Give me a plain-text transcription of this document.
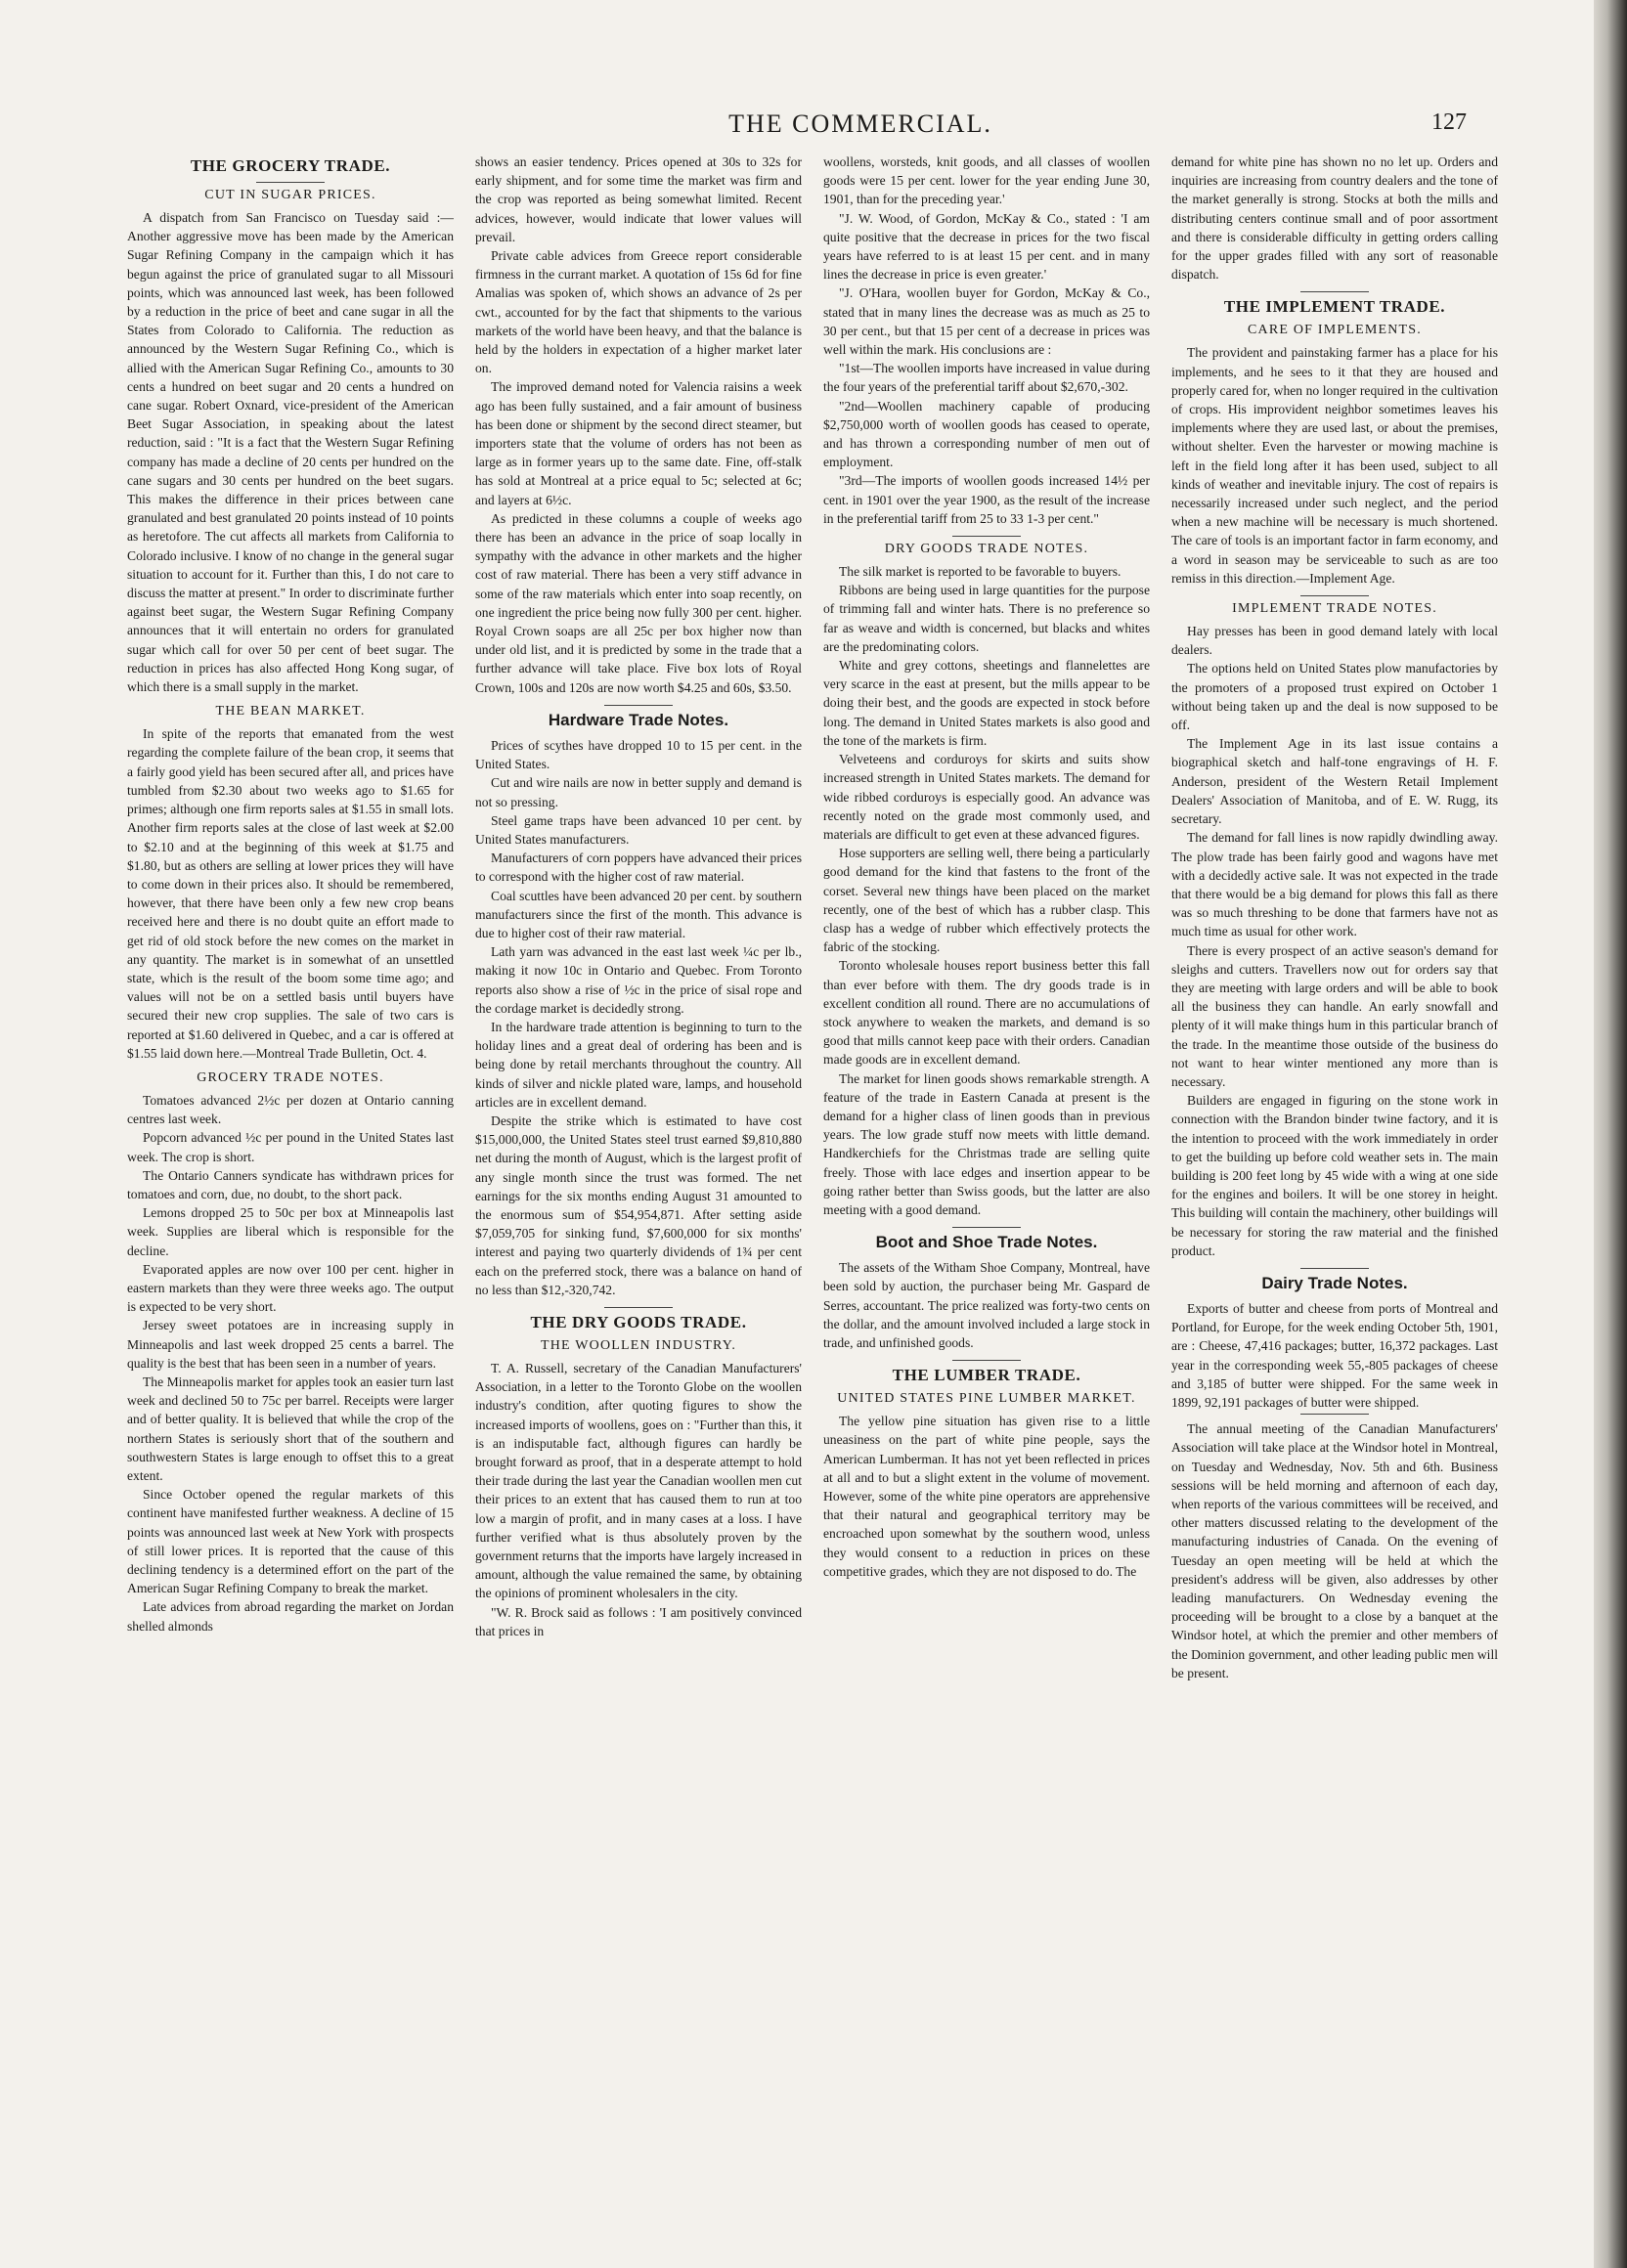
THE COMMERCIAL.	127
THE GROCERY TRADE.
CUT IN SUGAR PRICES.

A dispatch from San Francisco on Tuesday said :—Another aggressive move has been made by the American Sugar Refining Company in the campaign which it has begun against the price of granulated sugar to all Missouri points, which was announced last week, has been followed by a reduction in the price of beet and cane sugar in all the States from Colorado to California. The reduction as announced by the Western Sugar Refining Co., which is allied with the American Sugar Refining Co., amounts to 30 cents a hundred on beet sugar and 20 cents a hundred on cane sugar. Robert Oxnard, vice-president of the American Beet Sugar Association, in speaking about the latest reduction, said : "It is a fact that the Western Sugar Refining company has made a decline of 20 cents per hundred on the cane sugars and 30 cents per hundred on the beet sugars. This makes the difference in their prices between cane granulated and best granulated 20 points instead of 10 points as heretofore. The cut affects all markets from California to Colorado inclusive. I know of no change in the general sugar situation to account for it. Further than this, I do not care to discuss the matter at present." In order to discriminate further against beet sugar, the Western Sugar Refining Company announces that it will entertain no orders for granulated sugar which call for over 50 per cent of beet sugar. The reduction in prices has also affected Hong Kong sugar, of which there is a small supply in the market.

THE BEAN MARKET.

In spite of the reports that emanated from the west regarding the complete failure of the bean crop, it seems that a fairly good yield has been secured after all, and prices have tumbled from $2.30 about two weeks ago to $1.65 for primes; although one firm reports sales at $1.55 in small lots. Another firm reports sales at the close of last week at $2.00 to $2.10 and at the beginning of this week at $1.75 and $1.80, but as others are selling at lower prices they will have to come down in their prices also. It should be remembered, however, that there have been only a few new crop beans received here and there is no doubt quite an effort made to get rid of old stock before the new comes on the market in any quantity. The market is in somewhat of an unsettled state, which is the result of the boom some time ago; and values will not be on a settled basis until buyers have secured their new crop supplies. The sale of two cars is reported at $1.60 delivered in Quebec, and a car is offered at $1.55 laid down here.—Montreal Trade Bulletin, Oct. 4.

GROCERY TRADE NOTES.

Tomatoes advanced 2½c per dozen at Ontario canning centres last week.

Popcorn advanced ½c per pound in the United States last week. The crop is short.

The Ontario Canners syndicate has withdrawn prices for tomatoes and corn, due, no doubt, to the short pack.

Lemons dropped 25 to 50c per box at Minneapolis last week. Supplies are liberal which is responsible for the decline.

Evaporated apples are now over 100 per cent. higher in eastern markets than they were three weeks ago. The output is expected to be very short.

Jersey sweet potatoes are in increasing supply in Minneapolis and last week dropped 25 cents a barrel. The quality is the best that has been seen in a number of years.

The Minneapolis market for apples took an easier turn last week and declined 50 to 75c per barrel. Receipts were larger and of better quality. It is believed that while the crop of the northern States is seriously short that of the southern and southwestern States is large enough to offset this to a great extent.

Since October opened the regular markets of this continent have manifested further weakness. A decline of 15 points was announced last week at New York with prospects of still lower prices. It is reported that the cause of this declining tendency is a determined effort on the part of the American Sugar Refining Company to break the market.

Late advices from abroad regarding the market on Jordan shelled almonds

shows an easier tendency. Prices opened at 30s to 32s for early shipment, and for some time the market was firm and the crop was reported as being somewhat limited. Recent advices, however, would indicate that lower values will prevail.

Private cable advices from Greece report considerable firmness in the currant market. A quotation of 15s 6d for fine Amalias was spoken of, which shows an advance of 2s per cwt., accounted for by the fact that shipments to the various markets of the world have been heavy, and that the balance is held by the holders in expectation of a higher market later on.

The improved demand noted for Valencia raisins a week ago has been fully sustained, and a fair amount of business has been done or shipment by the second direct steamer, but importers state that the volume of orders has not been as large as in former years up to the same date. Fine, off-stalk has sold at Montreal at a price equal to 5c; selected at 6c; and layers at 6½c.

As predicted in these columns a couple of weeks ago there has been an advance in the price of soap locally in sympathy with the advance in other markets and the higher cost of raw material. There has been a very stiff advance in some of the raw materials which enter into soap recently, on one ingredient the price being now fully 300 per cent. higher. Royal Crown soaps are all 25c per box higher now than under old list, and it is predicted by some in the trade that a further advance will take place. Five box lots of Royal Crown, 100s and 120s are now worth $4.25 and 60s, $3.50.

Hardware Trade Notes.

Prices of scythes have dropped 10 to 15 per cent. in the United States.

Cut and wire nails are now in better supply and demand is not so pressing.

Steel game traps have been advanced 10 per cent. by United States manufacturers.

Manufacturers of corn poppers have advanced their prices to correspond with the higher cost of raw material.

Coal scuttles have been advanced 20 per cent. by southern manufacturers since the first of the month. This advance is due to higher cost of their raw material.

Lath yarn was advanced in the east last week ¼c per lb., making it now 10c in Ontario and Quebec. From Toronto reports also show a rise of ½c in the price of sisal rope and the cordage market is decidedly strong.

In the hardware trade attention is beginning to turn to the holiday lines and a great deal of ordering has been and is being done by retail merchants throughout the country. All kinds of silver and nickle plated ware, lamps, and household articles are in excellent demand.

Despite the strike which is estimated to have cost $15,000,000, the United States steel trust earned $9,810,880 net during the month of August, which is the largest profit of any single month since the trust was formed. The net earnings for the six months ending August 31 amounted to the enormous sum of $54,954,871. After setting aside $7,059,705 for sinking fund, $7,600,000 for six months' interest and paying two quarterly dividends of 1¾ per cent each on the preferred stock, there was a balance on hand of no less than $12,-320,742.

THE DRY GOODS TRADE.
THE WOOLLEN INDUSTRY.

T. A. Russell, secretary of the Canadian Manufacturers' Association, in a letter to the Toronto Globe on the woollen industry's condition, after quoting figures to show the increased imports of woollens, goes on : "Further than this, it is an indisputable fact, although figures can hardly be brought forward as proof, that in a desperate attempt to hold their trade during the last year the Canadian woollen men cut their prices to an extent that has caused them to run at too low a margin of profit, and in many cases at a loss. I have further verified what is thus absolutely proven by the government returns that the imports have largely increased in amount, although the value remained the same, by obtaining the opinions of prominent wholesalers in the city.

"W. R. Brock said as follows : 'I am positively convinced that prices in

woollens, worsteds, knit goods, and all classes of woollen goods were 15 per cent. lower for the year ending June 30, 1901, than for the preceding year.'

"J. W. Wood, of Gordon, McKay & Co., stated : 'I am quite positive that the decrease in prices for the two fiscal years have referred to is at least 15 per cent. and in many lines the decrease in price is even greater.'

"J. O'Hara, woollen buyer for Gordon, McKay & Co., stated that in many lines the decrease was as much as 25 to 30 per cent., but that 15 per cent of a decrease in prices was well within the mark. His conclusions are :

"1st—The woollen imports have increased in value during the four years of the preferential tariff about $2,670,-302.

"2nd—Woollen machinery capable of producing $2,750,000 worth of woollen goods has ceased to operate, and has thrown a corresponding number of men out of employment.

"3rd—The imports of woollen goods increased 14½ per cent. in 1901 over the year 1900, as the result of the increase in the preferential tariff from 25 to 33 1-3 per cent."

DRY GOODS TRADE NOTES.

The silk market is reported to be favorable to buyers.

Ribbons are being used in large quantities for the purpose of trimming fall and winter hats. There is no preference so far as weave and width is concerned, but blacks and whites are the predominating colors.

White and grey cottons, sheetings and flannelettes are very scarce in the east at present, but the mills appear to be doing their best, and the goods are expected in stock before long. The demand in United States markets is also good and the tone of the markets is firm.

Velveteens and corduroys for skirts and suits show increased strength in United States markets. The demand for wide ribbed corduroys is especially good. An advance was recently noted on the grade most commonly used, and materials are difficult to get even at these advanced figures.

Hose supporters are selling well, there being a particularly good demand for the kind that fastens to the front of the corset. Several new things have been placed on the market recently, one of the best of which has a rubber clasp. This clasp has a wedge of rubber which effectively protects the fabric of the stocking.

Toronto wholesale houses report business better this fall than ever before with them. The dry goods trade is in excellent condition all round. There are no accumulations of stock anywhere to weaken the markets, and demand is so good that mills cannot keep pace with their orders. Canadian made goods are in excellent demand.

The market for linen goods shows remarkable strength. A feature of the trade in Eastern Canada at present is the demand for a higher class of linen goods than in previous years. The low grade stuff now meets with little demand. Handkerchiefs for the Christmas trade are selling quite freely. Those with lace edges and insertion appear to be going rather better than Swiss goods, but the latter are also meeting with a good demand.

Boot and Shoe Trade Notes.

The assets of the Witham Shoe Company, Montreal, have been sold by auction, the purchaser being Mr. Gaspard de Serres, accountant. The price realized was forty-two cents on the dollar, and the amount involved included a large stock in trade, and unfinished goods.

THE LUMBER TRADE.
UNITED STATES PINE LUMBER MARKET.

The yellow pine situation has given rise to a little uneasiness on the part of white pine people, says the American Lumberman. It has not yet been reflected in prices at all and to but a slight extent in the volume of movement. However, some of the white pine operators are apprehensive that their natural and geographical territory may be encroached upon somewhat by the southern wood, unless they would consent to a reduction in prices on these competitive grades, which they are not disposed to do. The

demand for white pine has shown no no let up. Orders and inquiries are increasing from country dealers and the tone of the market generally is strong. Stocks at both the mills and distributing centers continue small and of poor assortment and there is considerable difficulty in getting orders calling for the upper grades filled with any sort of reasonable dispatch.

THE IMPLEMENT TRADE.
CARE OF IMPLEMENTS.

The provident and painstaking farmer has a place for his implements, and he sees to it that they are housed and properly cared for, when no longer required in the cultivation of crops. His improvident neighbor sometimes leaves his implements where they are used last, or about the premises, without shelter. Even the harvester or mowing machine is left in the field long after it has been used, subject to all kinds of weather and inevitable injury. The cost of repairs is necessarily increased under such neglect, and the period when a new machine will be necessary is much shortened. The care of tools is an important factor in farm economy, and a word in season may be serviceable to such as are too remiss in this direction.—Implement Age.

IMPLEMENT TRADE NOTES.

Hay presses has been in good demand lately with local dealers.

The options held on United States plow manufactories by the promoters of a proposed trust expired on October 1 without being taken up and the deal is now supposed to be off.

The Implement Age in its last issue contains a biographical sketch and half-tone engravings of H. F. Anderson, president of the Western Retail Implement Dealers' Association of Manitoba, and of E. W. Rugg, its secretary.

The demand for fall lines is now rapidly dwindling away. The plow trade has been fairly good and wagons have met with a decidedly active sale. It was not expected in the trade that there would be a big demand for plows this fall as there was so much threshing to be done that farmers have not as much time as usual for other work.

There is every prospect of an active season's demand for sleighs and cutters. Travellers now out for orders say that they are meeting with large orders and will be able to book all the business they can handle. An early snowfall and plenty of it will make things hum in this particular branch of the trade. In the meantime those outside of the business do not want to hear winter mentioned any more than is necessary.

Builders are engaged in figuring on the stone work in connection with the Brandon binder twine factory, and it is the intention to proceed with the work immediately in order to get the building up before cold weather sets in. The main building is 200 feet long by 45 wide with a wing at one side for the engines and boilers. It will be one storey in height. This building will contain the machinery, other buildings will be necessary for storing the raw material and the finished product.

Dairy Trade Notes.

Exports of butter and cheese from ports of Montreal and Portland, for Europe, for the week ending October 5th, 1901, are : Cheese, 47,416 packages; butter, 16,372 packages. Last year in the corresponding week 55,-805 packages of cheese and 3,185 of butter were shipped. For the same week in 1899, 92,191 packages of butter were shipped.

The annual meeting of the Canadian Manufacturers' Association will take place at the Windsor hotel in Montreal, on Tuesday and Wednesday, Nov. 5th and 6th. Business sessions will be held morning and afternoon of each day, when reports of the various committees will be received, and other matters discussed relating to the development of the manufacturing industries of Canada. On the evening of Tuesday an open meeting will be held at which the president's address will be given, also addresses by other leading manufacturers. On Wednesday evening the proceeding will be brought to a close by a banquet at the Windsor hotel, at which the premier and other members of the Dominion government, and other leading public men will be present.
